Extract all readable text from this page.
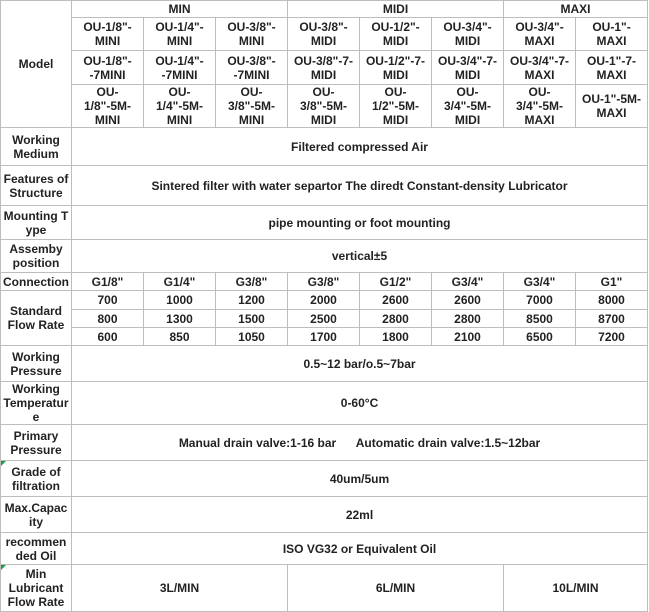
Model	MIN			MIDI			MAXI	
	OU-1/8"-MINI	OU-1/4"-MINI	OU-3/8"-MINI	OU-3/8"-MIDI	OU-1/2"-MIDI	OU-3/4"-MIDI	OU-3/4"-MAXI	OU-1"-MAXI
	OU-1/8"--7MINI	OU-1/4"--7MINI	OU-3/8"--7MINI	OU-3/8"-7-MIDI	OU-1/2"-7-MIDI	OU-3/4"-7-MIDI	OU-3/4"-7-MAXI	OU-1"-7-MAXI
	OU-1/8"-5M-MINI	OU-1/4"-5M-MINI	OU-3/8"-5M-MINI	OU-3/8"-5M-MIDI	OU-1/2"-5M-MIDI	OU-3/4"-5M-MIDI	OU-3/4"-5M-MAXI	OU-1"-5M-MAXI
Working Medium	Filtered compressed Air							
Features of Structure	Sintered filter with water separtor The diredt Constant-density Lubricator							
Mounting T ype	pipe mounting or foot mounting							
Assemby position	vertical±5							
Connection	G1/8"	G1/4"	G3/8"	G3/8"	G1/2"	G3/4"	G3/4"	G1"
Standard Flow Rate	700	1000	1200	2000	2600	2600	7000	8000
	800	1300	1500	2500	2800	2800	8500	8700
	600	850	1050	1700	1800	2100	6500	7200
Working Pressure	0.5~12 bar/o.5~7bar							
Working Temperature	0-60°C							
Primary Pressure	Manual drain valve:1-16 bar      Automatic drain valve:1.5~12bar							
Grade of filtration	40um/5um							
Max.Capacity	22ml							
recommended Oil	ISO VG32 or Equivalent Oil							
Min Lubricant Flow Rate	3L/MIN			6L/MIN			10L/MIN	
